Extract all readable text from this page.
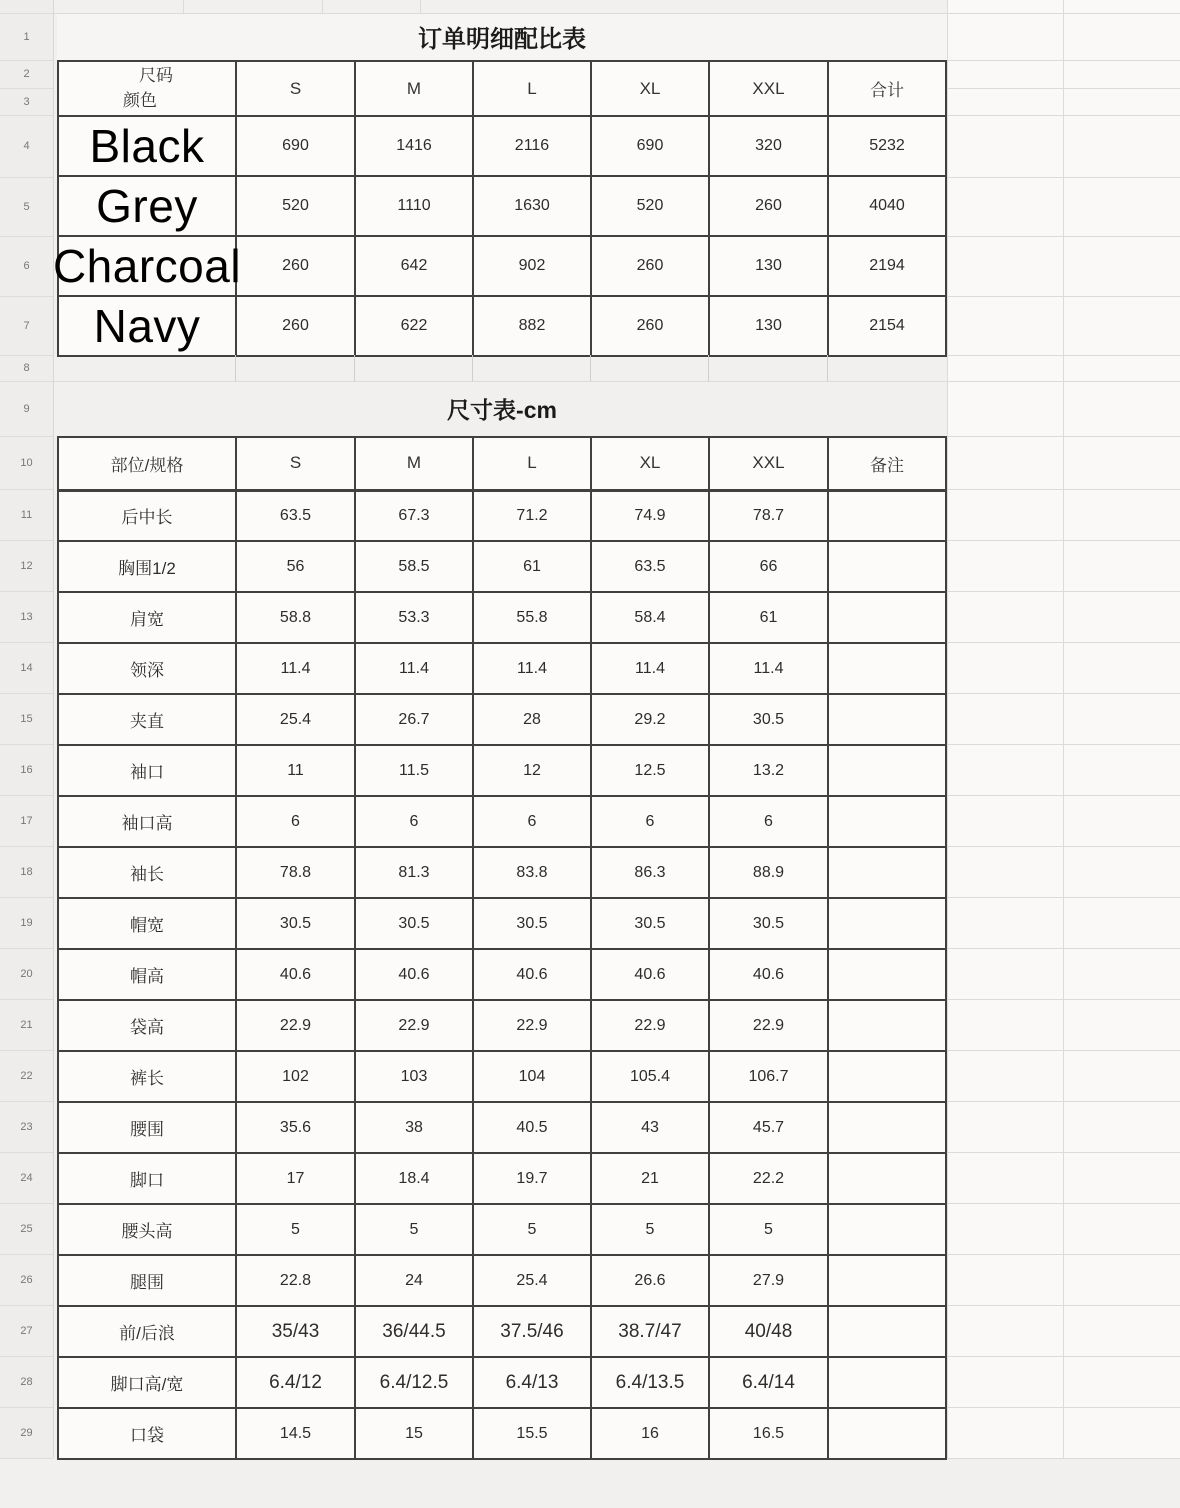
1
2
3
4
5
6
7
8
9
10
11
12
13
14
15
16
17
18
19
20
21
22
23
24
25
26
27
28
29
订单明细配比表
尺码
颜色	S	M	L	XL	XXL	合计

Black	690	1416	2116	690	320	5232

Grey	520	1110	1630	520	260	4040

Charcoal	260	642	902	260	130	2194

Navy	260	622	882	260	130	2154
尺寸表-cm
部位/规格	S	M	L	XL	XXL	备注
后中长	63.5	67.3	71.2	74.9	78.7	
胸围1/2	56	58.5	61	63.5	66	
肩宽	58.8	53.3	55.8	58.4	61	
领深	11.4	11.4	11.4	11.4	11.4	
夹直	25.4	26.7	28	29.2	30.5	
袖口	11	11.5	12	12.5	13.2	
袖口高	6	6	6	6	6	
袖长	78.8	81.3	83.8	86.3	88.9	
帽宽	30.5	30.5	30.5	30.5	30.5	
帽高	40.6	40.6	40.6	40.6	40.6	
袋高	22.9	22.9	22.9	22.9	22.9	
裤长	102	103	104	105.4	106.7	
腰围	35.6	38	40.5	43	45.7	
脚口	17	18.4	19.7	21	22.2	
腰头高	5	5	5	5	5	
腿围	22.8	24	25.4	26.6	27.9	
前/后浪	35/43	36/44.5	37.5/46	38.7/47	40/48	
脚口高/宽	6.4/12	6.4/12.5	6.4/13	6.4/13.5	6.4/14	
口袋	14.5	15	15.5	16	16.5	
